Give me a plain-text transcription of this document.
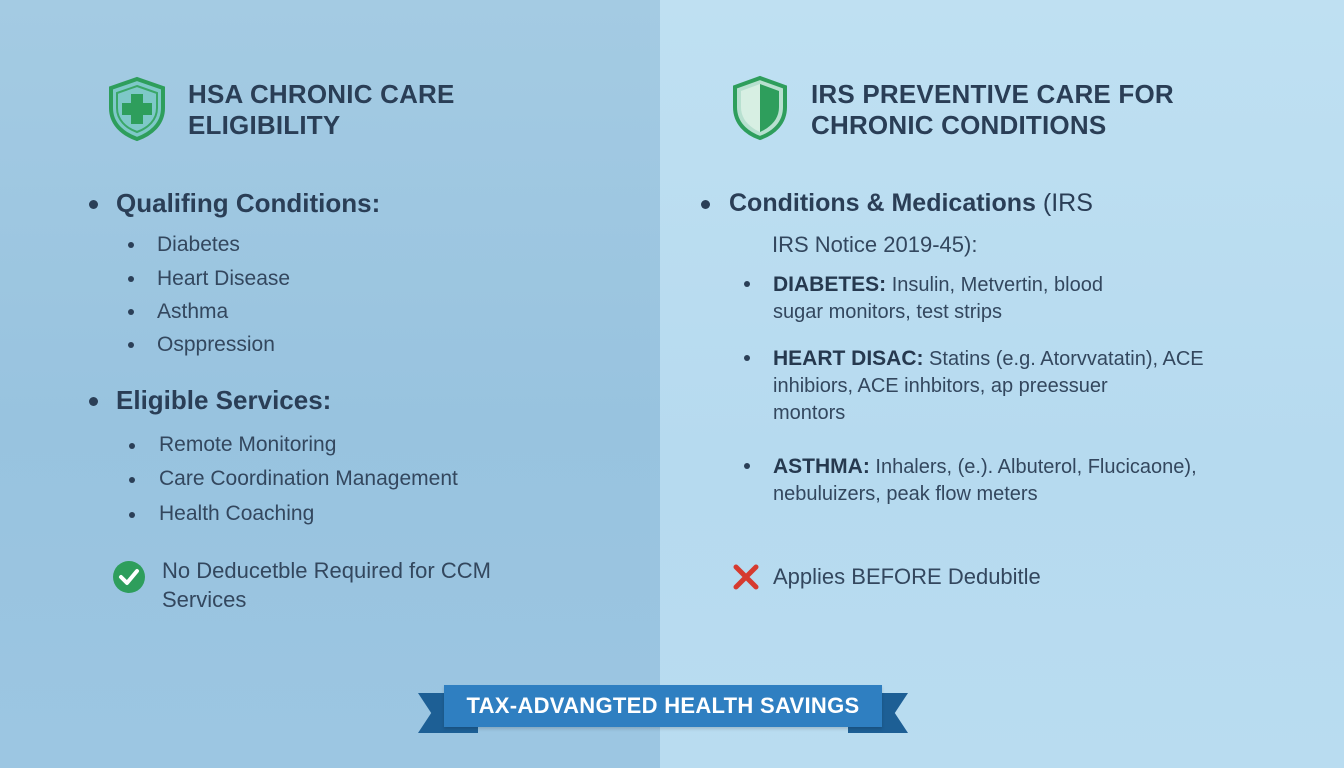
HSA CHRONIC CARE
ELIGIBILITY
Qualifing Conditions:
Diabetes
Heart Disease
Asthma
Osppression
Eligible Services:
Remote Monitoring
Care Coordination Management
Health Coaching
No Deducetble Required for CCM
Services
IRS PREVENTIVE CARE FOR
CHRONIC CONDITIONS
Conditions & Medications (IRS
IRS Notice 2019-45):
DIABETES: Insulin, Metvertin, blood
sugar monitors, test strips
HEART DISAC: Statins (e.g. Atorvvatatin), ACE
inhibiors, ACE inhbitors, ap preessuer
montors
ASTHMA: Inhalers, (e.). Albuterol, Flucicaone),
nebuluizers, peak flow meters
Applies BEFORE Dedubitle
TAX-ADVANGTED HEALTH SAVINGS
